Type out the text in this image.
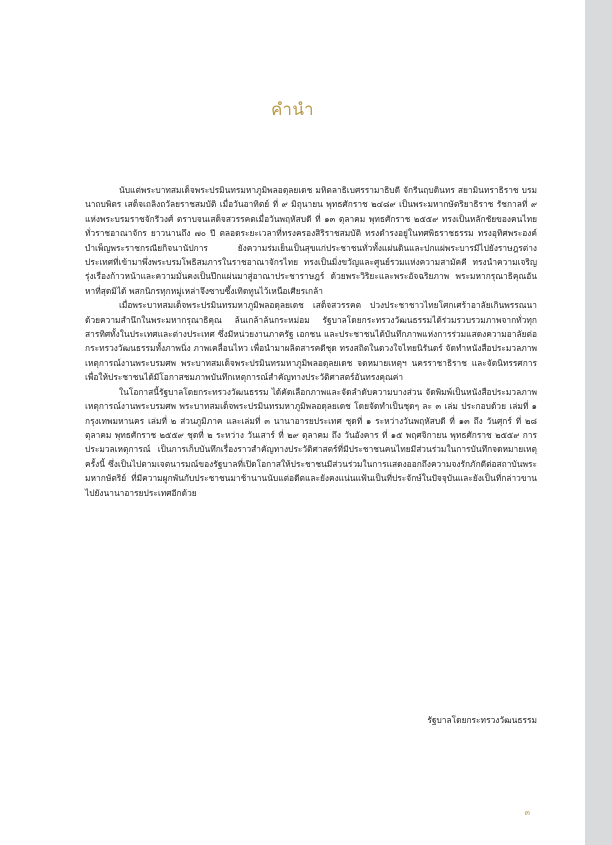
คำนำ

นับแต่พระบาทสมเด็จพระปรมินทรมหาภูมิพลอดุลยเดช มหิตลาธิเบศรรามาธิบดี จักรีนฤบดินทร สยามินทราธิราช บรมนาถบพิตร เสด็จเถลิงถวัลยราชสมบัติ เมื่อวันอาทิตย์ ที่ ๙ มิถุนายน พุทธศักราช ๒๔๘๙ เป็นพระมหากษัตริยาธิราช รัชกาลที่ ๙ แห่งพระบรมราชจักรีวงศ์ ตราบจนเสด็จสวรรคตเมื่อวันพฤหัสบดี ที่ ๑๓ ตุลาคม พุทธศักราช ๒๕๕๙ ทรงเป็นหลักชัยของคนไทยทั่วราชอาณาจักร ยาวนานถึง ๗๐ ปี ตลอดระยะเวลาที่ทรงครองสิริราชสมบัติ ทรงดำรงอยู่ในทศพิธราชธรรม ทรงอุทิศพระองค์บำเพ็ญพระราชกรณียกิจนานัปการ ยังความร่มเย็นเป็นสุขแก่ประชาชนทั่วทั้งแผ่นดินและปกแผ่พระบารมีไปยังราษฎรต่างประเทศที่เข้ามาพึ่งพระบรมโพธิสมภารในราชอาณาจักรไทย ทรงเป็นมิ่งขวัญและศูนย์รวมแห่งความสามัคคี ทรงนำความเจริญรุ่งเรืองก้าวหน้าและความมั่นคงเป็นปึกแผ่นมาสู่อาณาประชาราษฎร์ ด้วยพระวิริยะและพระอัจฉริยภาพ พระมหากรุณาธิคุณอันหาที่สุดมิได้ พสกนิกรทุกหมู่เหล่าจึงซาบซึ้งเทิดทูนไว้เหนือเศียรเกล้า

เมื่อพระบาทสมเด็จพระปรมินทรมหาภูมิพลอดุลยเดช เสด็จสวรรคต ปวงประชาชาวไทยโศกเศร้าอาลัยเกินพรรณนา ด้วยความสำนึกในพระมหากรุณาธิคุณ ล้นเกล้าล้นกระหม่อม รัฐบาลโดยกระทรวงวัฒนธรรมได้ร่วมรวบรวมภาพจากทั่วทุกสารทิศทั้งในประเทศและต่างประเทศ ซึ่งมีหน่วยงานภาครัฐ เอกชน และประชาชนได้บันทึกภาพแห่งการร่วมแสดงความอาลัยต่อกระทรวงวัฒนธรรมทั้งภาพนิ่ง ภาพเคลื่อนไหว เพื่อนำมาผลิตสารคดีชุด ทรงสถิตในดวงใจไทยนิรันดร์ จัดทำหนังสือประมวลภาพเหตุการณ์งานพระบรมศพ พระบาทสมเด็จพระปรมินทรมหาภูมิพลอดุลยเดช จดหมายเหตุฯ นครราชาธิราช และจัดนิทรรศการเพื่อให้ประชาชนได้มีโอกาสชมภาพบันทึกเหตุการณ์สำคัญทางประวัติศาสตร์อันทรงคุณค่า

ในโอกาสนี้รัฐบาลโดยกระทรวงวัฒนธรรม ได้คัดเลือกภาพและจัดลำดับความบางส่วน จัดพิมพ์เป็นหนังสือประมวลภาพเหตุการณ์งานพระบรมศพ พระบาทสมเด็จพระปรมินทรมหาภูมิพลอดุลยเดช โดยจัดทำเป็นชุดๆ ละ ๓ เล่ม ประกอบด้วย เล่มที่ ๑ กรุงเทพมหานคร เล่มที่ ๒ ส่วนภูมิภาค และเล่มที่ ๓ นานาอารยประเทศ ชุดที่ ๑ ระหว่างวันพฤหัสบดี ที่ ๑๓ ถึง วันศุกร์ ที่ ๒๘ ตุลาคม พุทธศักราช ๒๕๕๙ ชุดที่ ๒ ระหว่าง วันเสาร์ ที่ ๒๙ ตุลาคม ถึง วันอังคาร ที่ ๑๕ พฤศจิกายน พุทธศักราช ๒๕๕๙ การประมวลเหตุการณ์ เป็นการเก็บบันทึกเรื่องราวสำคัญทางประวัติศาสตร์ที่มีประชาชนคนไทยมีส่วนร่วมในการบันทึกจดหมายเหตุครั้งนี้ ซึ่งเป็นไปตามเจตนารมณ์ของรัฐบาลที่เปิดโอกาสให้ประชาชนมีส่วนร่วมในการแสดงออกถึงความจงรักภักดีต่อสถาบันพระมหากษัตริย์ ที่มีความผูกพันกับประชาชนมาช้านานนับแต่อดีตและยังคงแน่นแฟ้นเป็นที่ประจักษ์ในปัจจุบันและยังเป็นที่กล่าวขานไปยังนานาอารยประเทศอีกด้วย

รัฐบาลโดยกระทรวงวัฒนธรรม
๓
